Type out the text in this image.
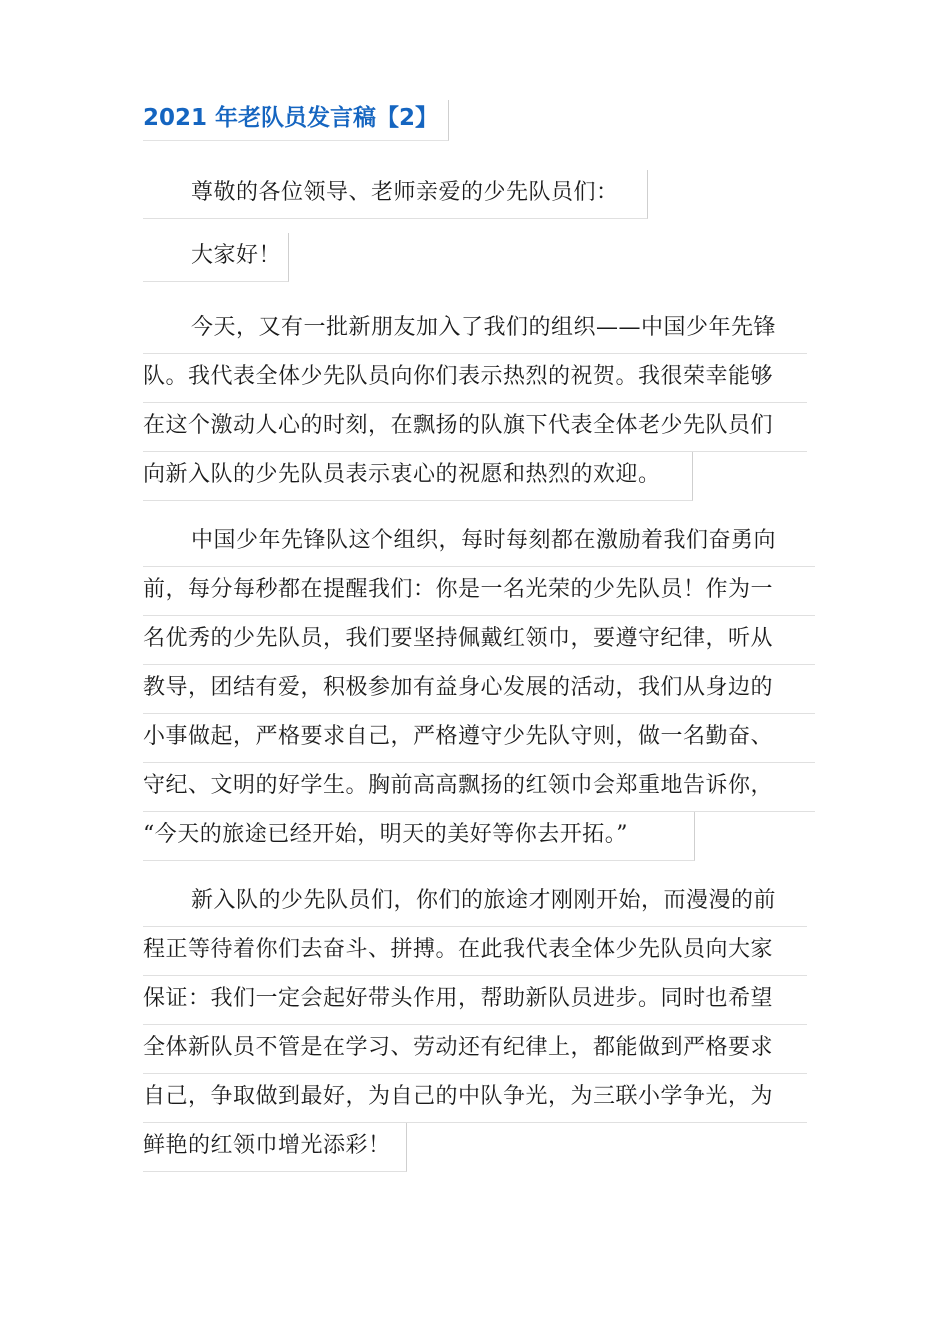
2021 年老队员发言稿【2】
尊敬的各位领导、老师亲爱的少先队员们：
大家好！
今天，又有一批新朋友加入了我们的组织——中国少年先锋
队。我代表全体少先队员向你们表示热烈的祝贺。我很荣幸能够
在这个激动人心的时刻，在飘扬的队旗下代表全体老少先队员们
向新入队的少先队员表示衷心的祝愿和热烈的欢迎。
中国少年先锋队这个组织，每时每刻都在激励着我们奋勇向
前，每分每秒都在提醒我们：你是一名光荣的少先队员！作为一
名优秀的少先队员，我们要坚持佩戴红领巾，要遵守纪律，听从
教导，团结有爱，积极参加有益身心发展的活动，我们从身边的
小事做起，严格要求自己，严格遵守少先队守则，做一名勤奋、
守纪、文明的好学生。胸前高高飘扬的红领巾会郑重地告诉你，
“今天的旅途已经开始，明天的美好等你去开拓。”
新入队的少先队员们，你们的旅途才刚刚开始，而漫漫的前
程正等待着你们去奋斗、拼搏。在此我代表全体少先队员向大家
保证：我们一定会起好带头作用，帮助新队员进步。同时也希望
全体新队员不管是在学习、劳动还有纪律上，都能做到严格要求
自己，争取做到最好，为自己的中队争光，为三联小学争光，为
鲜艳的红领巾增光添彩！
